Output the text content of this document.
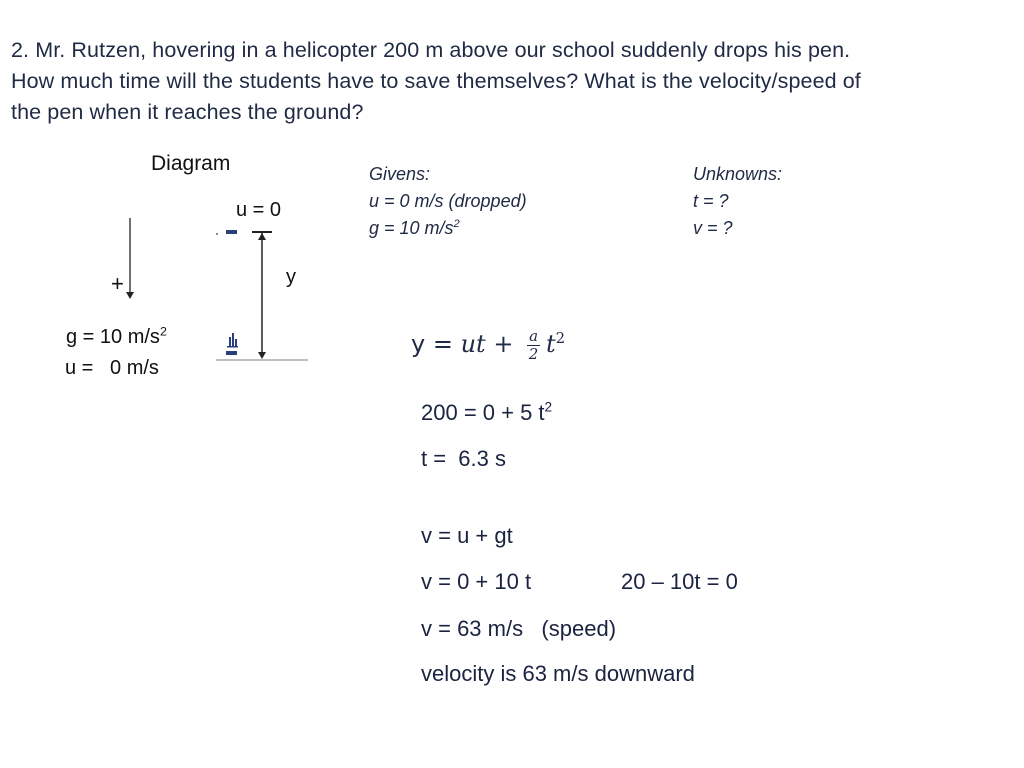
2. Mr. Rutzen, hovering in a helicopter 200 m above our school suddenly drops his pen.
How much time will the students have to save themselves? What is the velocity/speed of
the pen when it reaches the ground?
Diagram
u = 0
y
+
g = 10 $m/s^2$
u =   0 m/s
Givens:
u = 0 m/s (dropped)
g = 10 $m/s^2$
Unknowns:
t = ?
v = ?
y = ut + $\frac{a}{2} t^2$
200 = 0 + 5 $t^2$
t =  6.3 s
v = u + gt
v = 0 + 10 t	20 – 10t = 0
v = 63 m/s   (speed)
velocity is 63 m/s downward
